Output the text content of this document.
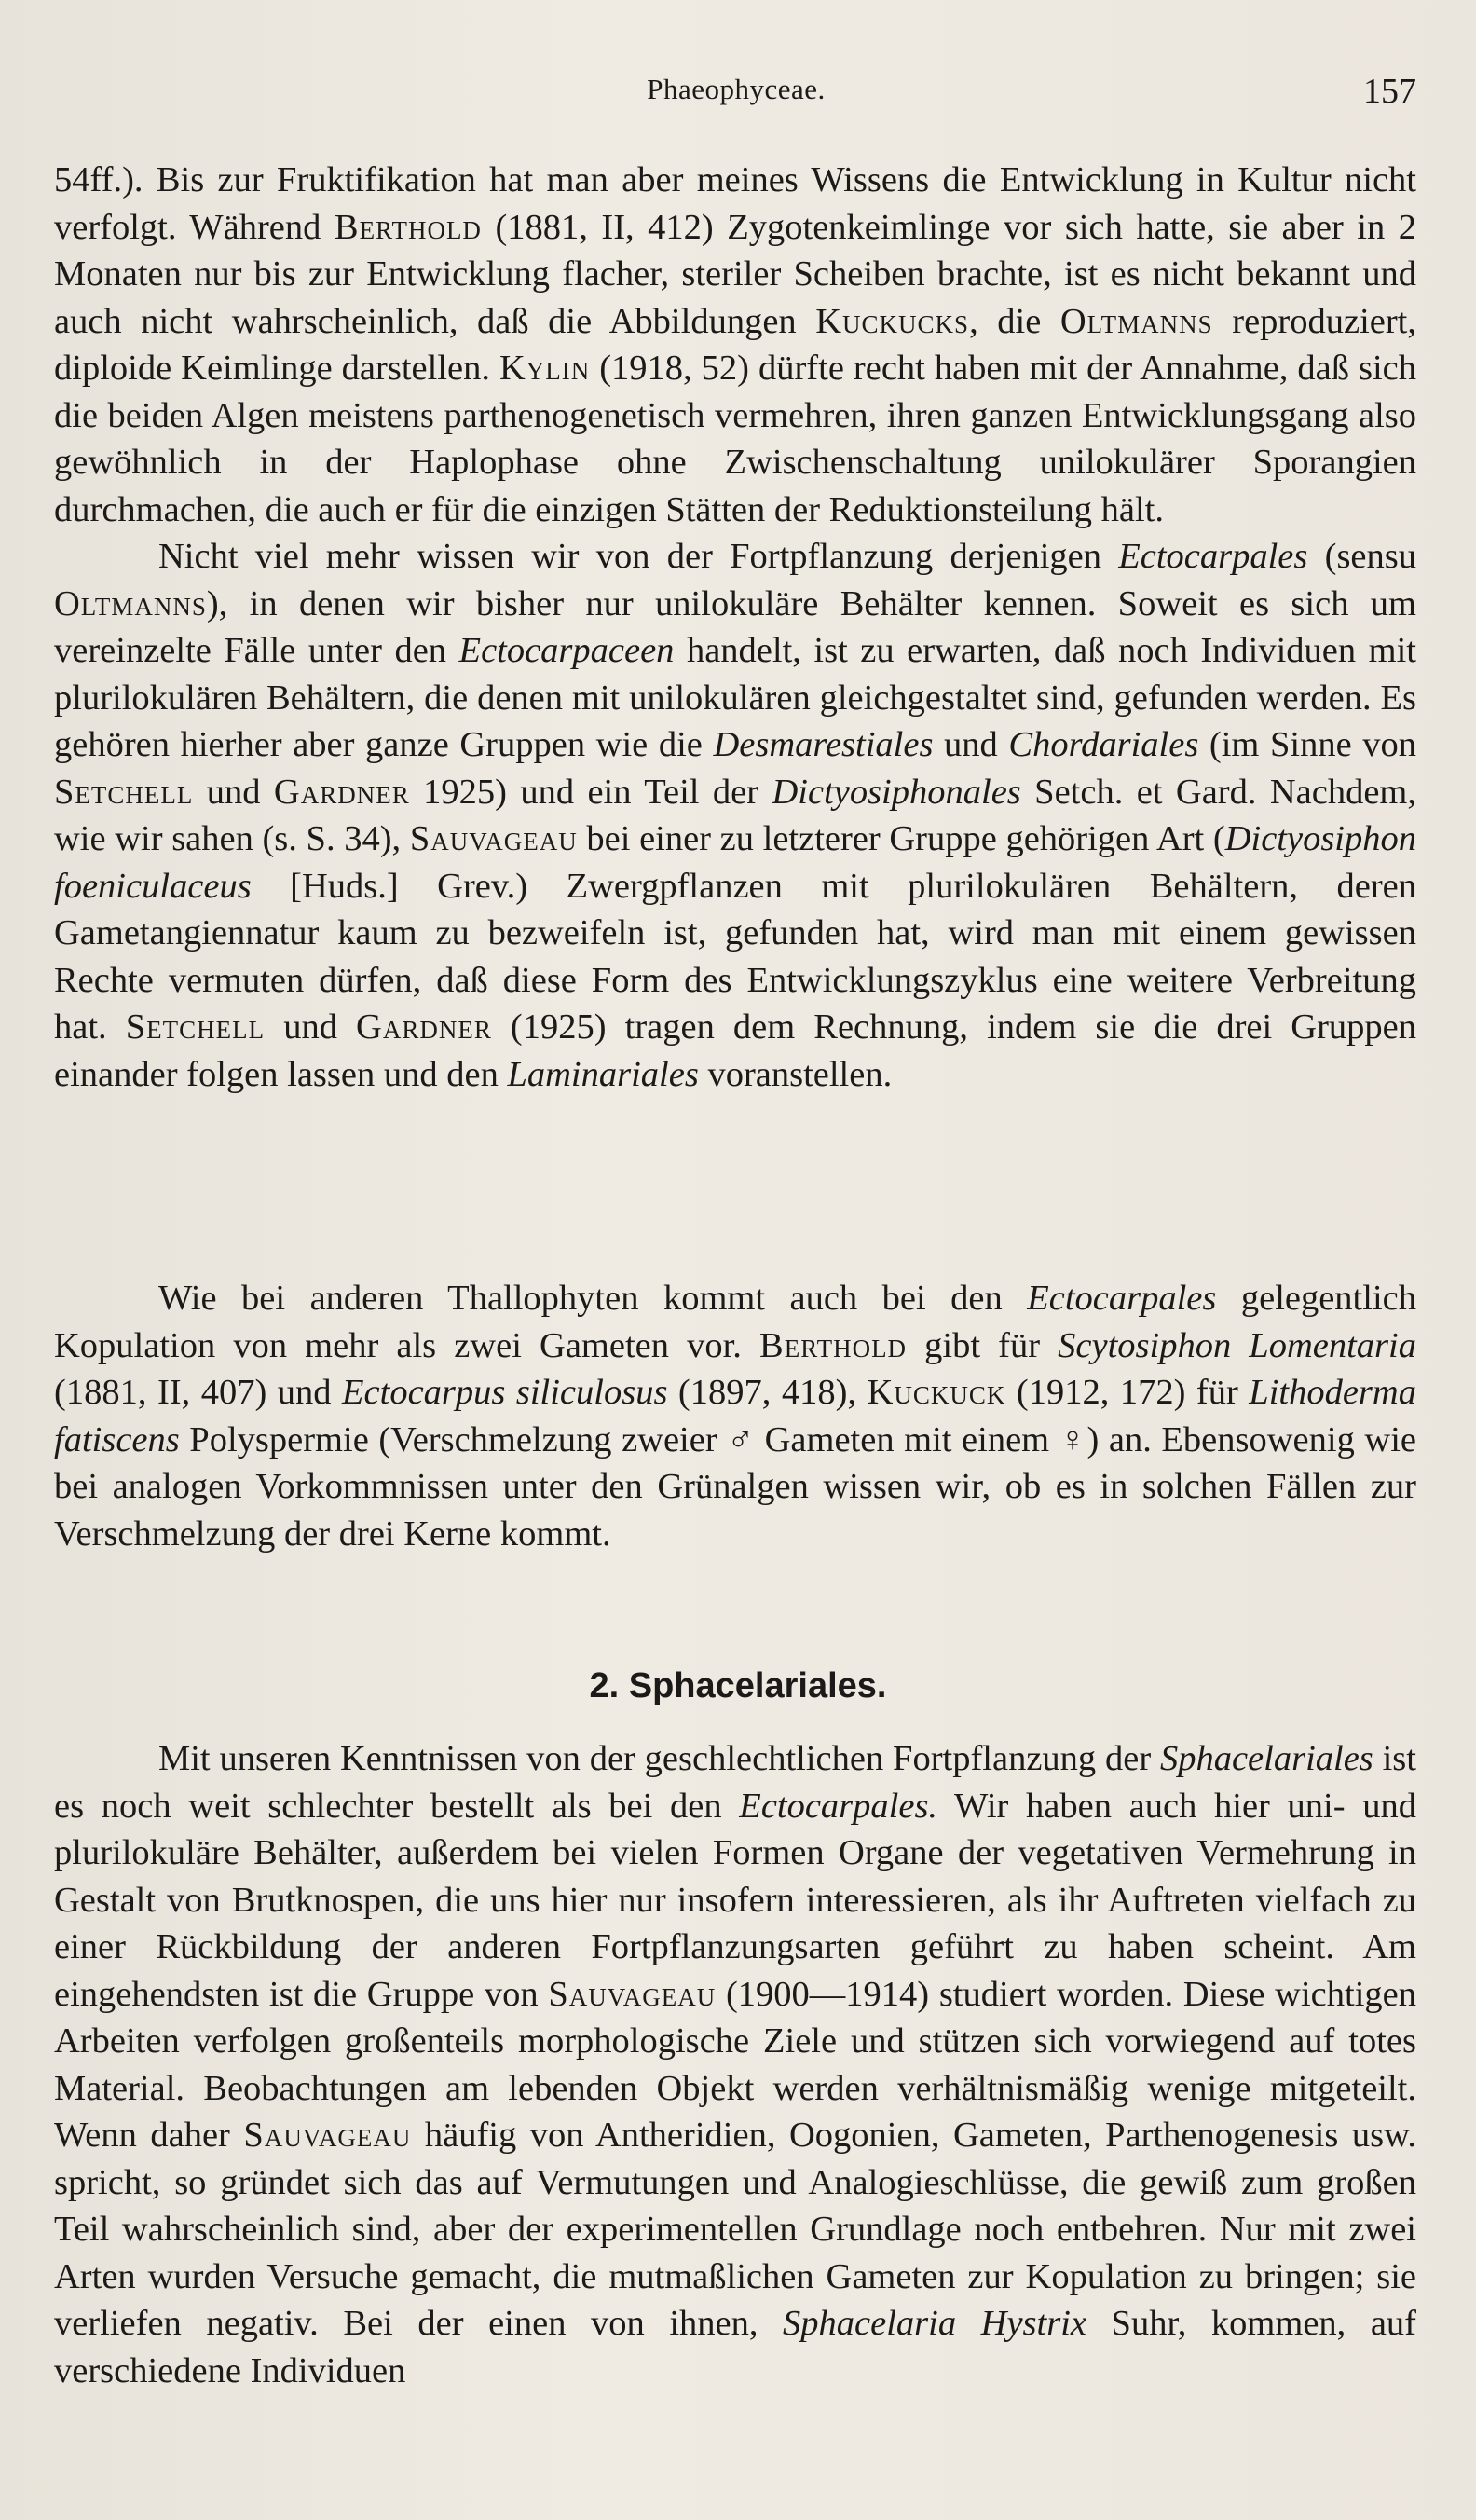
Phaeophyceae.	157

54ff.). Bis zur Fruktifikation hat man aber meines Wissens die Entwicklung in Kultur nicht verfolgt. Während Berthold (1881, II, 412) Zygotenkeimlinge vor sich hatte, sie aber in 2 Monaten nur bis zur Entwicklung flacher, steriler Scheiben brachte, ist es nicht bekannt und auch nicht wahrscheinlich, daß die Abbildungen Kuckucks, die Oltmanns reproduziert, diploide Keimlinge darstellen. Kylin (1918, 52) dürfte recht haben mit der Annahme, daß sich die beiden Algen meistens parthenogenetisch vermehren, ihren ganzen Entwicklungsgang also gewöhnlich in der Haplophase ohne Zwischenschaltung unilokulärer Sporangien durchmachen, die auch er für die einzigen Stätten der Reduktionsteilung hält.

Nicht viel mehr wissen wir von der Fortpflanzung derjenigen Ectocarpales (sensu Oltmanns), in denen wir bisher nur unilokuläre Behälter kennen. Soweit es sich um vereinzelte Fälle unter den Ectocarpaceen handelt, ist zu erwarten, daß noch Individuen mit plurilokulären Behältern, die denen mit unilokulären gleichgestaltet sind, gefunden werden. Es gehören hierher aber ganze Gruppen wie die Desmarestiales und Chordariales (im Sinne von Setchell und Gardner 1925) und ein Teil der Dictyosiphonales Setch. et Gard. Nachdem, wie wir sahen (s. S. 34), Sauvageau bei einer zu letzterer Gruppe gehörigen Art (Dictyosiphon foeniculaceus [Huds.] Grev.) Zwergpflanzen mit plurilokulären Behältern, deren Gametangiennatur kaum zu bezweifeln ist, gefunden hat, wird man mit einem gewissen Rechte vermuten dürfen, daß diese Form des Entwicklungszyklus eine weitere Verbreitung hat. Setchell und Gardner (1925) tragen dem Rechnung, indem sie die drei Gruppen einander folgen lassen und den Laminariales voranstellen.

Wie bei anderen Thallophyten kommt auch bei den Ectocarpales gelegentlich Kopulation von mehr als zwei Gameten vor. Berthold gibt für Scytosiphon Lomentaria (1881, II, 407) und Ectocarpus siliculosus (1897, 418), Kuckuck (1912, 172) für Lithoderma fatiscens Polyspermie (Verschmelzung zweier ♂ Gameten mit einem ♀) an. Ebensowenig wie bei analogen Vorkommnissen unter den Grünalgen wissen wir, ob es in solchen Fällen zur Verschmelzung der drei Kerne kommt.

2. Sphacelariales.

Mit unseren Kenntnissen von der geschlechtlichen Fortpflanzung der Sphacelariales ist es noch weit schlechter bestellt als bei den Ectocarpales. Wir haben auch hier uni- und plurilokuläre Behälter, außerdem bei vielen Formen Organe der vegetativen Vermehrung in Gestalt von Brutknospen, die uns hier nur insofern interessieren, als ihr Auftreten vielfach zu einer Rückbildung der anderen Fortpflanzungsarten geführt zu haben scheint. Am eingehendsten ist die Gruppe von Sauvageau (1900—1914) studiert worden. Diese wichtigen Arbeiten verfolgen großenteils morphologische Ziele und stützen sich vorwiegend auf totes Material. Beobachtungen am lebenden Objekt werden verhältnismäßig wenige mitgeteilt. Wenn daher Sauvageau häufig von Antheridien, Oogonien, Gameten, Parthenogenesis usw. spricht, so gründet sich das auf Vermutungen und Analogieschlüsse, die gewiß zum großen Teil wahrscheinlich sind, aber der experimentellen Grundlage noch entbehren. Nur mit zwei Arten wurden Versuche gemacht, die mutmaßlichen Gameten zur Kopulation zu bringen; sie verliefen negativ. Bei der einen von ihnen, Sphacelaria Hystrix Suhr, kommen, auf verschiedene Individuen
